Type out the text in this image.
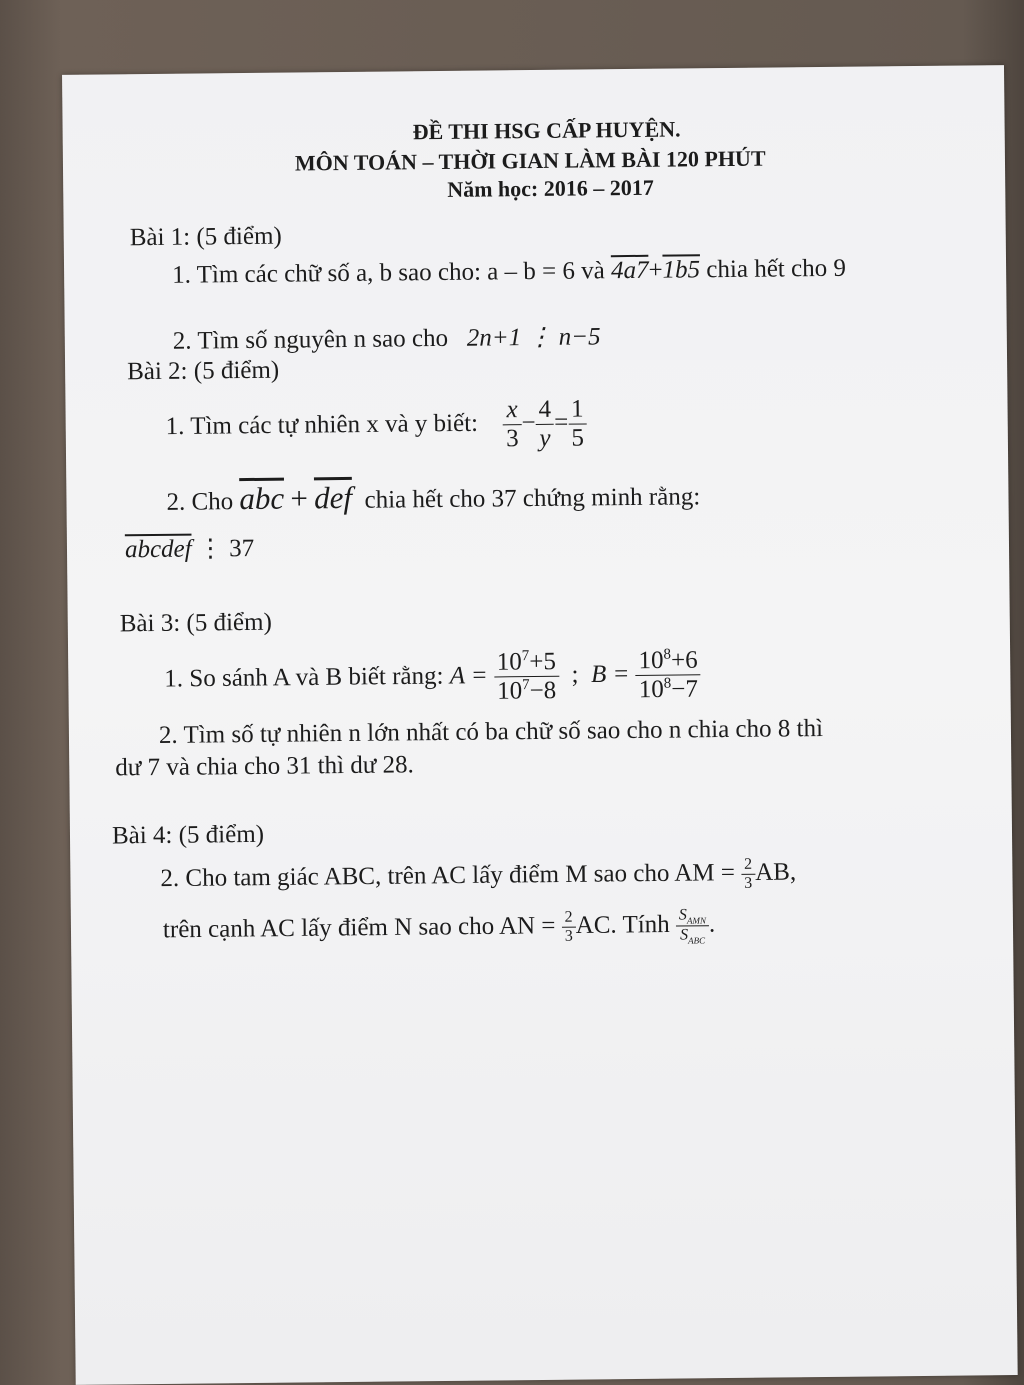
ĐỀ THI HSG CẤP HUYỆN.
MÔN TOÁN – THỜI GIAN LÀM BÀI 120 PHÚT
Năm học: 2016 – 2017
Bài 1: (5 điểm)
1. Tìm các chữ số a, b sao cho: a – b = 6 và 4a7+1b5 chia hết cho 9
2. Tìm số nguyên n sao cho 2n+1 ⋮ n−5
Bài 2: (5 điểm)
1. Tìm các tự nhiên x và y biết: $\frac{x}{3} - \frac{4}{y} = \frac{1}{5}$
2. Cho $\overline{abc} + \overline{def}$ chia hết cho 37 chứng minh rằng:
abcdef ⋮ 37
Bài 3: (5 điểm)
1. So sánh A và B biết rằng: $A = \frac{10^7+5}{10^7-8}$ ; $B = \frac{10^8+6}{10^8-7}$
2. Tìm số tự nhiên n lớn nhất có ba chữ số sao cho n chia cho 8 thì
dư 7 và chia cho 31 thì dư 28.
Bài 4: (5 điểm)
2. Cho tam giác ABC, trên AC lấy điểm M sao cho AM = $\frac{2}{3}$ AB,
trên cạnh AC lấy điểm N sao cho AN = $\frac{2}{3}$ AC. Tính $\frac{S_{AMN}}{S_{ABC}}$ .
